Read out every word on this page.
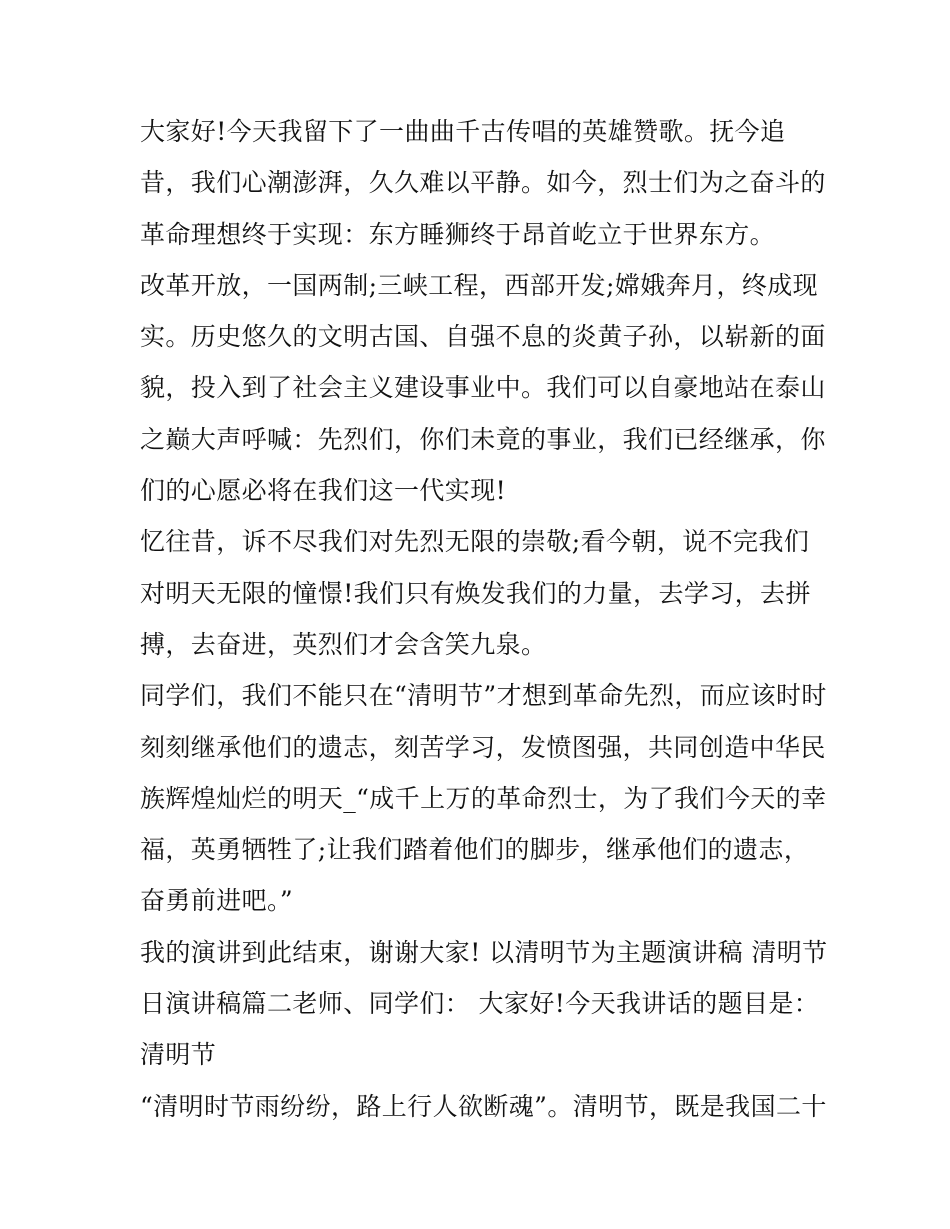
大家好!今天我留下了一曲曲千古传唱的英雄赞歌。抚今追
昔，我们心潮澎湃，久久难以平静。如今，烈士们为之奋斗的
革命理想终于实现：东方睡狮终于昂首屹立于世界东方。
改革开放，一国两制;三峡工程，西部开发;嫦娥奔月，终成现
实。历史悠久的文明古国、自强不息的炎黄子孙，以崭新的面
貌，投入到了社会主义建设事业中。我们可以自豪地站在泰山
之巅大声呼喊：先烈们，你们未竟的事业，我们已经继承，你
们的心愿必将在我们这一代实现!
忆往昔，诉不尽我们对先烈无限的崇敬;看今朝，说不完我们
对明天无限的憧憬!我们只有焕发我们的力量，去学习，去拼
搏，去奋进，英烈们才会含笑九泉。
同学们，我们不能只在“清明节”才想到革命先烈，而应该时时
刻刻继承他们的遗志，刻苦学习，发愤图强，共同创造中华民
族辉煌灿烂的明天_“成千上万的革命烈士，为了我们今天的幸
福，英勇牺牲了;让我们踏着他们的脚步，继承他们的遗志，
奋勇前进吧。”
我的演讲到此结束，谢谢大家! 以清明节为主题演讲稿 清明节
日演讲稿篇二老师、同学们： 大家好!今天我讲话的题目是：
清明节
“清明时节雨纷纷，路上行人欲断魂”。清明节，既是我国二十
